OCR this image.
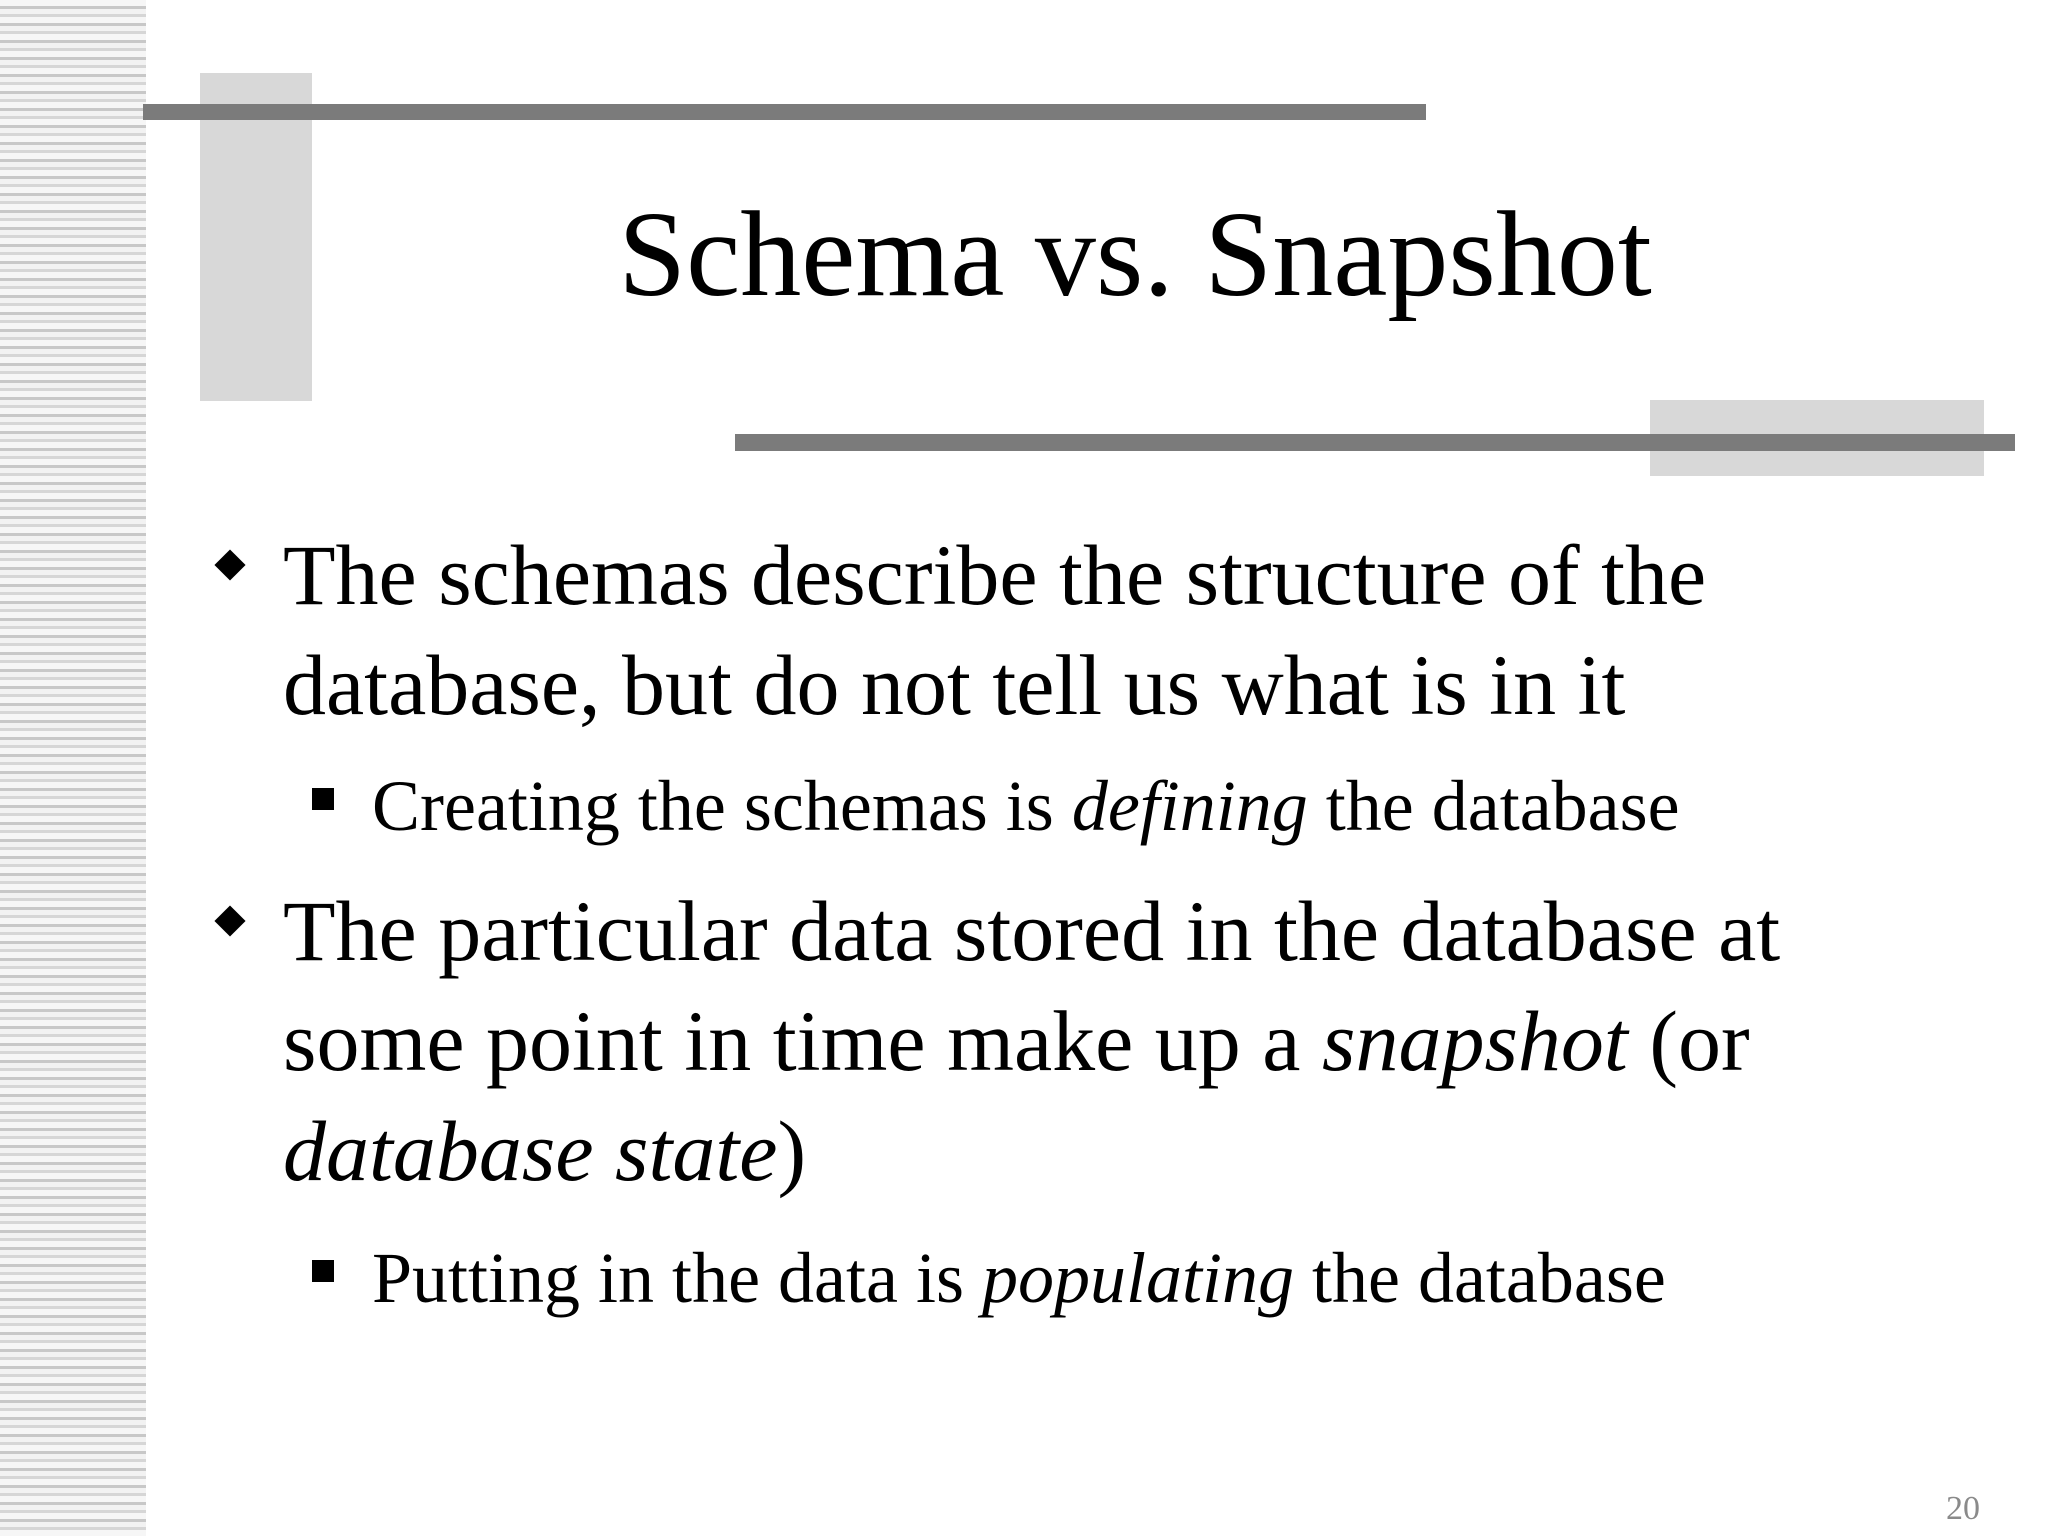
Schema vs. Snapshot
The schemas describe the structure of the database, but do not tell us what is in it
Creating the schemas is defining the database
The particular data stored in the database at some point in time make up a snapshot (or database state)
Putting in the data is populating the database
20
